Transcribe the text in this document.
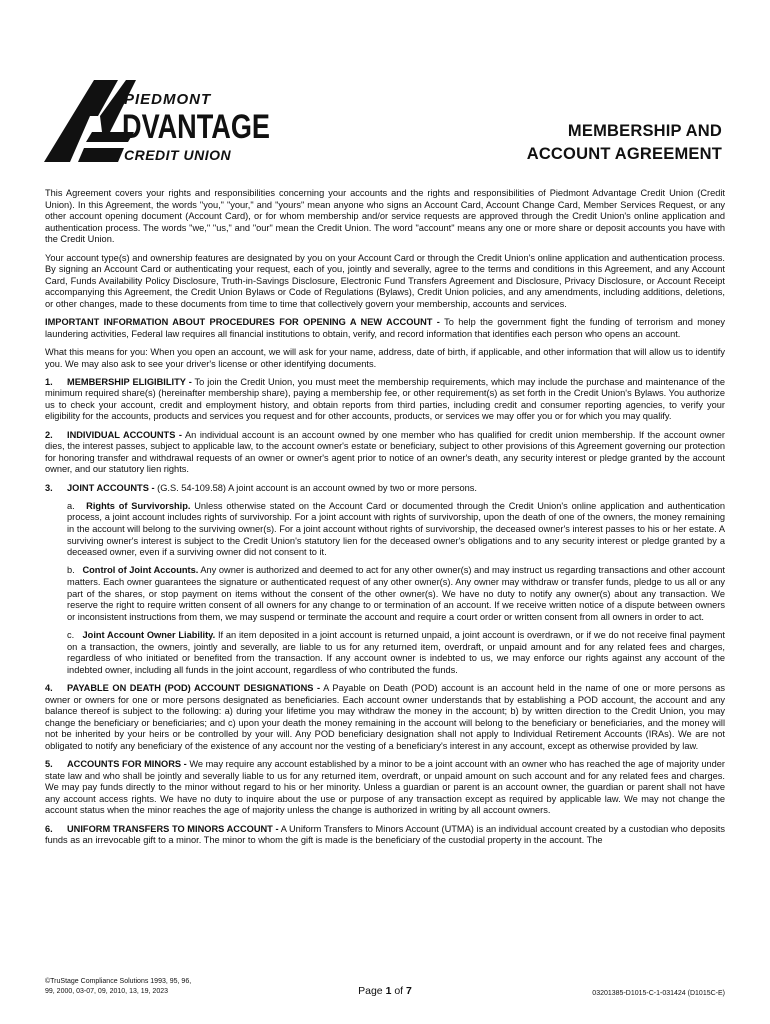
PIEDMONT
DVANTAGE
CREDIT UNION
MEMBERSHIP AND
ACCOUNT AGREEMENT

This Agreement covers your rights and responsibilities concerning your accounts and the rights and responsibilities of Piedmont Advantage Credit Union (Credit Union). In this Agreement, the words "you," "your," and "yours" mean anyone who signs an Account Card, Account Change Card, Member Services Request, or any other account opening document (Account Card), or for whom membership and/or service requests are approved through the Credit Union's online application and authentication process. The words "we," "us," and "our" mean the Credit Union. The word "account" means any one or more share or deposit accounts you have with the Credit Union.

Your account type(s) and ownership features are designated by you on your Account Card or through the Credit Union's online application and authentication process. By signing an Account Card or authenticating your request, each of you, jointly and severally, agree to the terms and conditions in this Agreement, and any Account Card, Funds Availability Policy Disclosure, Truth-in-Savings Disclosure, Electronic Fund Transfers Agreement and Disclosure, Privacy Disclosure, or Account Receipt accompanying this Agreement, the Credit Union Bylaws or Code of Regulations (Bylaws), Credit Union policies, and any amendments, including additions, deletions, or other changes, made to these documents from time to time that collectively govern your membership, accounts and services.

IMPORTANT INFORMATION ABOUT PROCEDURES FOR OPENING A NEW ACCOUNT - To help the government fight the funding of terrorism and money laundering activities, Federal law requires all financial institutions to obtain, verify, and record information that identifies each person who opens an account.

What this means for you: When you open an account, we will ask for your name, address, date of birth, if applicable, and other information that will allow us to identify you. We may also ask to see your driver's license or other identifying documents.

1. MEMBERSHIP ELIGIBILITY - To join the Credit Union, you must meet the membership requirements, which may include the purchase and maintenance of the minimum required share(s) (hereinafter membership share), paying a membership fee, or other requirement(s) as set forth in the Credit Union's Bylaws. You authorize us to check your account, credit and employment history, and obtain reports from third parties, including credit and consumer reporting agencies, to verify your eligibility for the accounts, products and services you request and for other accounts, products, or services we may offer you or for which you may qualify.

2. INDIVIDUAL ACCOUNTS - An individual account is an account owned by one member who has qualified for credit union membership. If the account owner dies, the interest passes, subject to applicable law, to the account owner's estate or beneficiary, subject to other provisions of this Agreement governing our protection for honoring transfer and withdrawal requests of an owner or owner's agent prior to notice of an owner's death, any security interest or pledge granted by the account owner, and our statutory lien rights.

3. JOINT ACCOUNTS - (G.S. 54-109.58) A joint account is an account owned by two or more persons.

a. Rights of Survivorship. Unless otherwise stated on the Account Card or documented through the Credit Union's online application and authentication process, a joint account includes rights of survivorship. For a joint account with rights of survivorship, upon the death of one of the owners, the money remaining in the account will belong to the surviving owner(s). For a joint account without rights of survivorship, the deceased owner's interest passes to his or her estate. A surviving owner's interest is subject to the Credit Union's statutory lien for the deceased owner's obligations and to any security interest or pledge granted by a deceased owner, even if a surviving owner did not consent to it.

b. Control of Joint Accounts. Any owner is authorized and deemed to act for any other owner(s) and may instruct us regarding transactions and other account matters. Each owner guarantees the signature or authenticated request of any other owner(s). Any owner may withdraw or transfer funds, pledge to us all or any part of the shares, or stop payment on items without the consent of the other owner(s). We have no duty to notify any owner(s) about any transaction. We reserve the right to require written consent of all owners for any change to or termination of an account. If we receive written notice of a dispute between owners or inconsistent instructions from them, we may suspend or terminate the account and require a court order or written consent from all owners in order to act.

c. Joint Account Owner Liability. If an item deposited in a joint account is returned unpaid, a joint account is overdrawn, or if we do not receive final payment on a transaction, the owners, jointly and severally, are liable to us for any returned item, overdraft, or unpaid amount and for any related fees and charges, regardless of who initiated or benefited from the transaction. If any account owner is indebted to us, we may enforce our rights against any account of the indebted owner, including all funds in the joint account, regardless of who contributed the funds.

4. PAYABLE ON DEATH (POD) ACCOUNT DESIGNATIONS - A Payable on Death (POD) account is an account held in the name of one or more persons as owner or owners for one or more persons designated as beneficiaries. Each account owner understands that by establishing a POD account, the account and any balance thereof is subject to the following: a) during your lifetime you may withdraw the money in the account; b) by written direction to the Credit Union, you may change the beneficiary or beneficiaries; and c) upon your death the money remaining in the account will belong to the beneficiary or beneficiaries, and the money will not be inherited by your heirs or be controlled by your will. Any POD beneficiary designation shall not apply to Individual Retirement Accounts (IRAs). We are not obligated to notify any beneficiary of the existence of any account nor the vesting of a beneficiary's interest in any account, except as otherwise provided by law.

5. ACCOUNTS FOR MINORS - We may require any account established by a minor to be a joint account with an owner who has reached the age of majority under state law and who shall be jointly and severally liable to us for any returned item, overdraft, or unpaid amount on such account and for any related fees and charges. We may pay funds directly to the minor without regard to his or her minority. Unless a guardian or parent is an account owner, the guardian or parent shall not have any account access rights. We have no duty to inquire about the use or purpose of any transaction except as required by applicable law. We may not change the account status when the minor reaches the age of majority unless the change is authorized in writing by all account owners.

6. UNIFORM TRANSFERS TO MINORS ACCOUNT - A Uniform Transfers to Minors Account (UTMA) is an individual account created by a custodian who deposits funds as an irrevocable gift to a minor. The minor to whom the gift is made is the beneficiary of the custodial property in the account. The

©TruStage Compliance Solutions 1993, 95, 96,
99, 2000, 03-07, 09, 2010, 13, 19, 2023	Page 1 of 7	03201385-D1015-C-1-031424 (D1015C-E)
